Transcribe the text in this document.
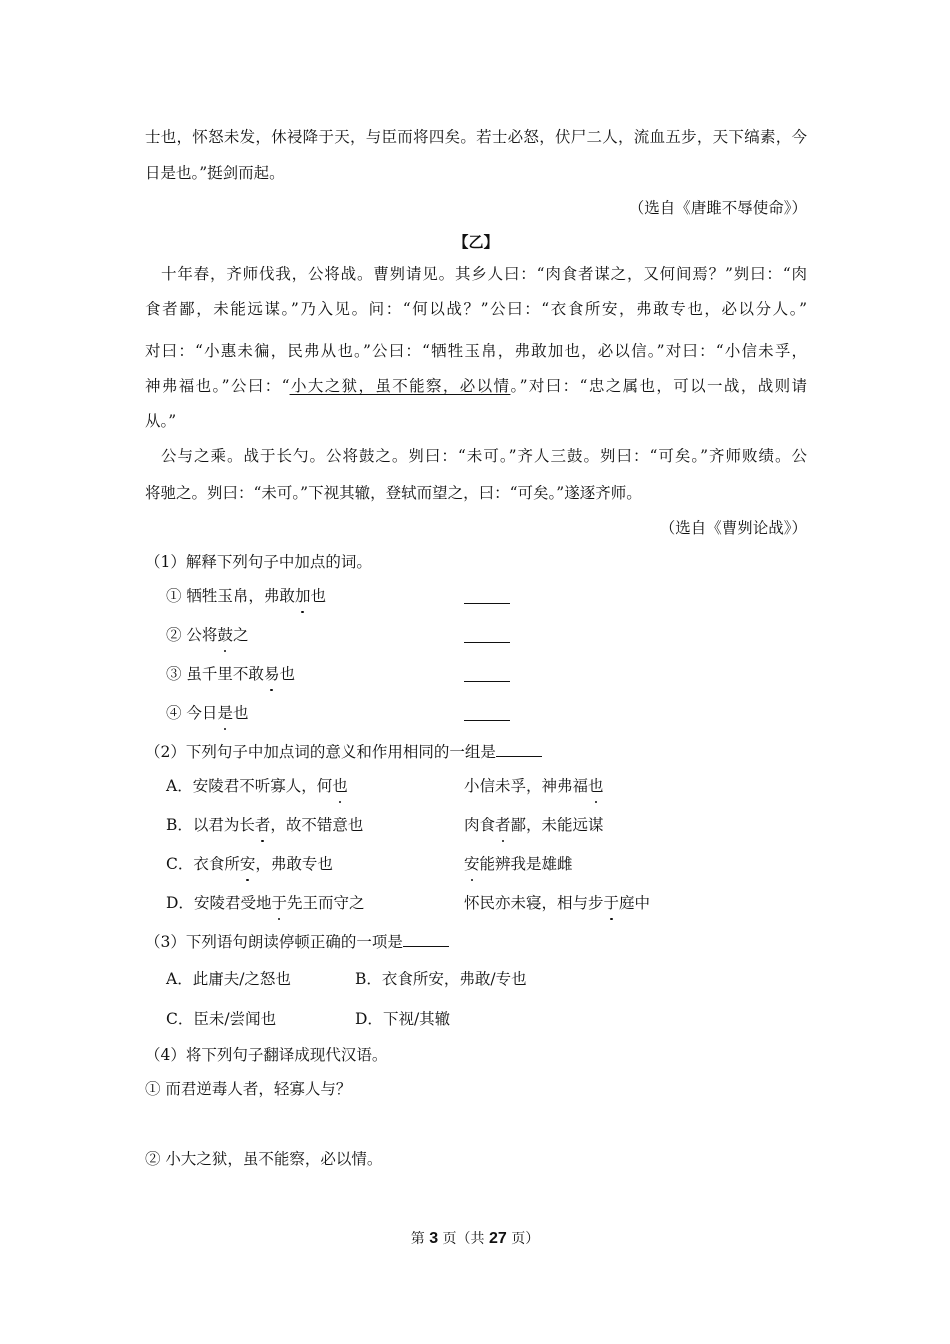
士也，怀怒未发，休祲降于天，与臣而将四矣。若士必怒，伏尸二人，流血五步，天下缟素，今
日是也。”挺剑而起。
（选自《唐雎不辱使命》）
【乙】
十年春，齐师伐我，公将战。曹刿请见。其乡人曰：“肉食者谋之，又何间焉？”刿曰：“肉
食者鄙，未能远谋。”乃入见。问：“何以战？”公曰：“衣食所安，弗敢专也，必以分人。”
对曰：“小惠未徧，民弗从也。”公曰：“牺牲玉帛，弗敢加也，必以信。”对曰：“小信未孚，
神弗福也。”公曰：“小大之狱，虽不能察，必以情。”对曰：“忠之属也，可以一战，战则请
从。”
公与之乘。战于长勺。公将鼓之。刿曰：“未可。”齐人三鼓。刿曰：“可矣。”齐师败绩。公
将驰之。刿曰：“未可。”下视其辙，登轼而望之，曰：“可矣。”遂逐齐师。
（选自《曹刿论战》）
（1）解释下列句子中加点的词。
① 牺牲玉帛，弗敢加也
② 公将鼓之
③ 虽千里不敢易也
④ 今日是也
（2）下列句子中加点词的意义和作用相同的一组是
A．安陵君不听寡人，何也	小信未孚，神弗福也
B．以君为长者，故不错意也	肉食者鄙，未能远谋
C．衣食所安，弗敢专也	安能辨我是雄雌
D．安陵君受地于先王而守之	怀民亦未寝，相与步于庭中
（3）下列语句朗读停顿正确的一项是
A．此庸夫/之怒也	B．衣食所安，弗敢/专也
C．臣未/尝闻也	D．下视/其辙
（4）将下列句子翻译成现代汉语。
① 而君逆毒人者，轻寡人与？
② 小大之狱，虽不能察，必以情。
第 3 页（共 27 页）
